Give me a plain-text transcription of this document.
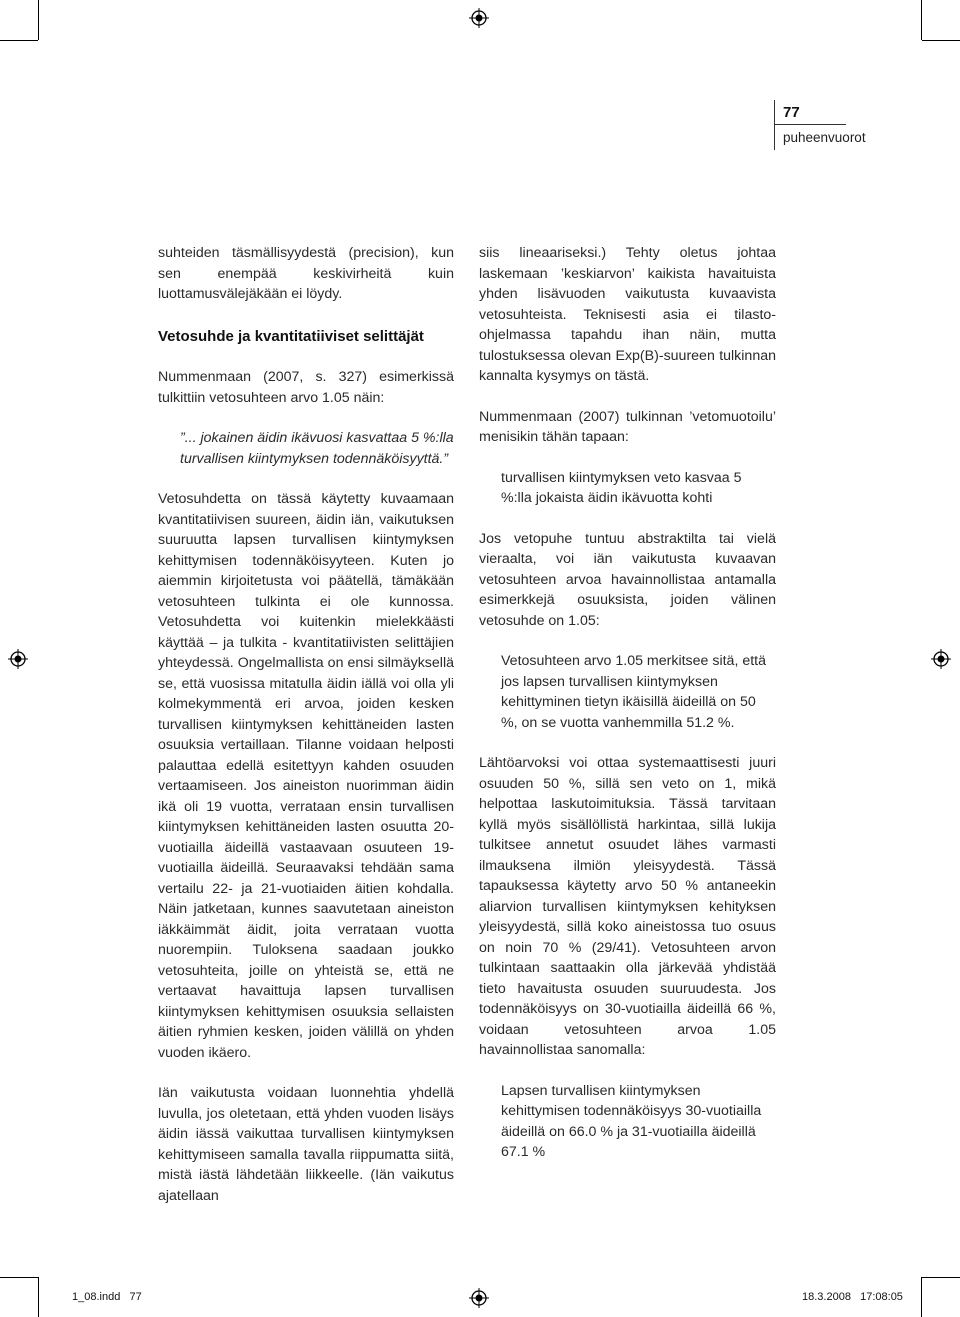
77
puheenvuorot

suhteiden täsmällisyydestä (precision), kun sen enempää keskivirheitä kuin luottamusvälejäkään ei löydy.

Vetosuhde ja kvantitatiiviset selittäjät

Nummenmaan (2007, s. 327) esimerkissä tulkittiin vetosuhteen arvo 1.05 näin:

”... jokainen äidin ikävuosi kasvattaa 5 %:lla turvallisen kiintymyksen todennäköisyyttä.”

Vetosuhdetta on tässä käytetty kuvaamaan kvantitatiivisen suureen, äidin iän, vaikutuksen suuruutta lapsen turvallisen kiintymyksen kehittymisen todennäköisyyteen. Kuten jo aiemmin kirjoitetusta voi päätellä, tämäkään vetosuhteen tulkinta ei ole kunnossa. Vetosuhdetta voi kuitenkin mielekkäästi käyttää – ja tulkita - kvantitatiivisten selittäjien yhteydessä. Ongelmallista on ensi silmäyksellä se, että vuosissa mitatulla äidin iällä voi olla yli kolmekymmentä eri arvoa, joiden kesken turvallisen kiintymyksen kehittäneiden lasten osuuksia vertaillaan. Tilanne voidaan helposti palauttaa edellä esitettyyn kahden osuuden vertaamiseen. Jos aineiston nuorimman äidin ikä oli 19 vuotta, verrataan ensin turvallisen kiintymyksen kehittäneiden lasten osuutta 20-vuotiailla äideillä vastaavaan osuuteen 19-vuotiailla äideillä. Seuraavaksi tehdään sama vertailu 22- ja 21-vuotiaiden äitien kohdalla. Näin jatketaan, kunnes saavutetaan aineiston iäkkäimmät äidit, joita verrataan vuotta nuorempiin. Tuloksena saadaan joukko vetosuhteita, joille on yhteistä se, että ne vertaavat havaittuja lapsen turvallisen kiintymyksen kehittymisen osuuksia sellaisten äitien ryhmien kesken, joiden välillä on yhden vuoden ikäero.

Iän vaikutusta voidaan luonnehtia yhdellä luvulla, jos oletetaan, että yhden vuoden lisäys äidin iässä vaikuttaa turvallisen kiintymyksen kehittymiseen samalla tavalla riippumatta siitä, mistä iästä lähdetään liikkeelle. (Iän vaikutus ajatellaan

siis lineaariseksi.) Tehty oletus johtaa laskemaan ’keskiarvon’ kaikista havaituista yhden lisävuoden vaikutusta kuvaavista vetosuhteista. Teknisesti asia ei tilasto-ohjelmassa tapahdu ihan näin, mutta tulostuksessa olevan Exp(B)-suureen tulkinnan kannalta kysymys on tästä.

Nummenmaan (2007) tulkinnan ’vetomuotoilu’ menisikin tähän tapaan:

turvallisen kiintymyksen veto kasvaa 5 %:lla jokaista äidin ikävuotta kohti

Jos vetopuhe tuntuu abstraktilta tai vielä vieraalta, voi iän vaikutusta kuvaavan vetosuhteen arvoa havainnollistaa antamalla esimerkkejä osuuksista, joiden välinen vetosuhde on 1.05:

Vetosuhteen arvo 1.05 merkitsee sitä, että jos lapsen turvallisen kiintymyksen kehittyminen tietyn ikäisillä äideillä on 50 %, on se vuotta vanhemmilla 51.2 %.

Lähtöarvoksi voi ottaa systemaattisesti juuri osuuden 50 %, sillä sen veto on 1, mikä helpottaa laskutoimituksia. Tässä tarvitaan kyllä myös sisällöllistä harkintaa, sillä lukija tulkitsee annetut osuudet lähes varmasti ilmauksena ilmiön yleisyydestä. Tässä tapauksessa käytetty arvo 50 % antaneekin aliarvion turvallisen kiintymyksen kehityksen yleisyydestä, sillä koko aineistossa tuo osuus on noin 70 % (29/41). Vetosuhteen arvon tulkintaan saattaakin olla järkevää yhdistää tieto havaitusta osuuden suuruudesta. Jos todennäköisyys on 30-vuotiailla äideillä 66 %, voidaan vetosuhteen arvoa 1.05 havainnollistaa sanomalla:

Lapsen turvallisen kiintymyksen kehittymisen todennäköisyys 30-vuotiailla äideillä on 66.0 % ja 31-vuotiailla äideillä 67.1 %

1_08.indd   77	18.3.2008   17:08:05
